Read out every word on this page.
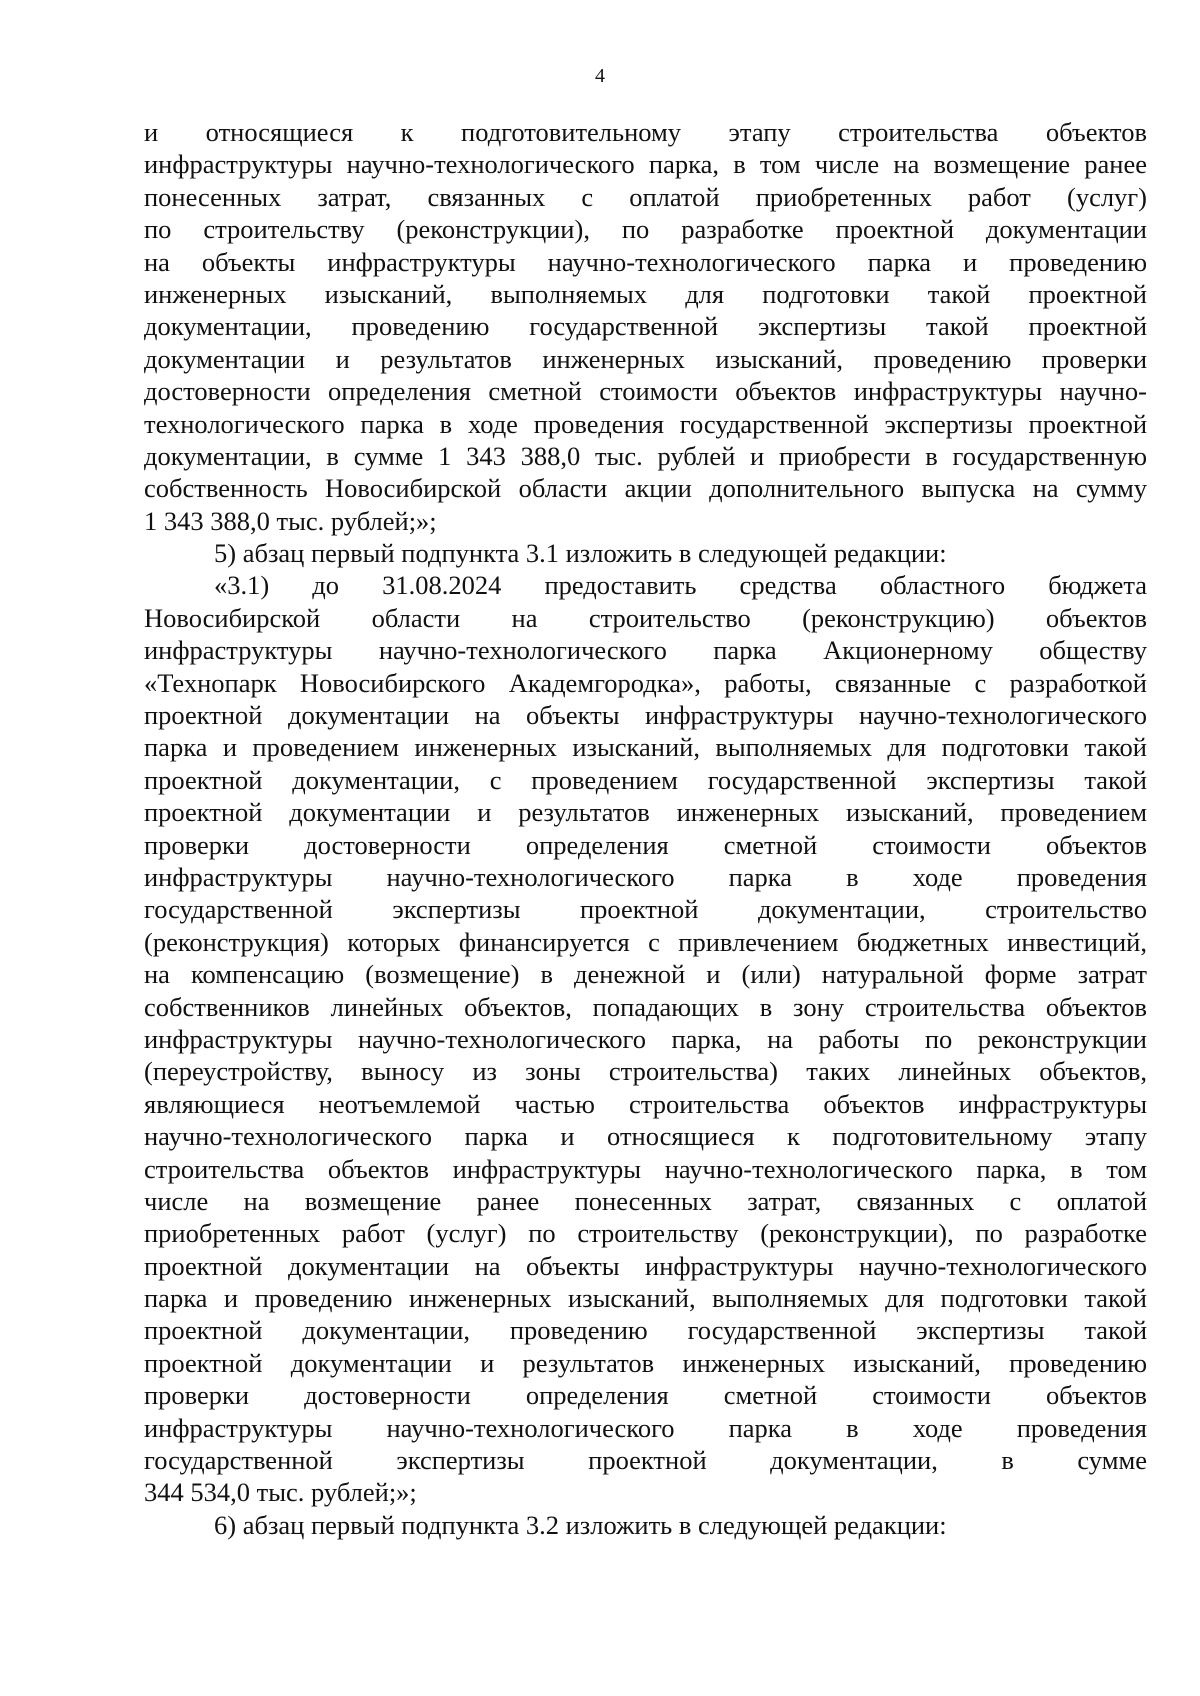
4
и относящиеся к подготовительному этапу строительства объектов
инфраструктуры научно-технологического парка, в том числе на возмещение ранее
понесенных затрат, связанных с оплатой приобретенных работ (услуг)
по строительству (реконструкции), по разработке проектной документации
на объекты инфраструктуры научно-технологического парка и проведению
инженерных изысканий, выполняемых для подготовки такой проектной
документации, проведению государственной экспертизы такой проектной
документации и результатов инженерных изысканий, проведению проверки
достоверности определения сметной стоимости объектов инфраструктуры научно-
технологического парка в ходе проведения государственной экспертизы проектной
документации, в сумме 1 343 388,0 тыс. рублей и приобрести в государственную
собственность Новосибирской области акции дополнительного выпуска на сумму
1 343 388,0 тыс. рублей;»;
5) абзац первый подпункта 3.1 изложить в следующей редакции:
«3.1) до 31.08.2024 предоставить средства областного бюджета
Новосибирской области на строительство (реконструкцию) объектов
инфраструктуры научно-технологического парка Акционерному обществу
«Технопарк Новосибирского Академгородка», работы, связанные с разработкой
проектной документации на объекты инфраструктуры научно-технологического
парка и проведением инженерных изысканий, выполняемых для подготовки такой
проектной документации, с проведением государственной экспертизы такой
проектной документации и результатов инженерных изысканий, проведением
проверки достоверности определения сметной стоимости объектов
инфраструктуры научно-технологического парка в ходе проведения
государственной экспертизы проектной документации, строительство
(реконструкция) которых финансируется с привлечением бюджетных инвестиций,
на компенсацию (возмещение) в денежной и (или) натуральной форме затрат
собственников линейных объектов, попадающих в зону строительства объектов
инфраструктуры научно-технологического парка, на работы по реконструкции
(переустройству, выносу из зоны строительства) таких линейных объектов,
являющиеся неотъемлемой частью строительства объектов инфраструктуры
научно-технологического парка и относящиеся к подготовительному этапу
строительства объектов инфраструктуры научно-технологического парка, в том
числе на возмещение ранее понесенных затрат, связанных с оплатой
приобретенных работ (услуг) по строительству (реконструкции), по разработке
проектной документации на объекты инфраструктуры научно-технологического
парка и проведению инженерных изысканий, выполняемых для подготовки такой
проектной документации, проведению государственной экспертизы такой
проектной документации и результатов инженерных изысканий, проведению
проверки достоверности определения сметной стоимости объектов
инфраструктуры научно-технологического парка в ходе проведения
государственной экспертизы проектной документации, в сумме
344 534,0 тыс. рублей;»;
6) абзац первый подпункта 3.2 изложить в следующей редакции:
